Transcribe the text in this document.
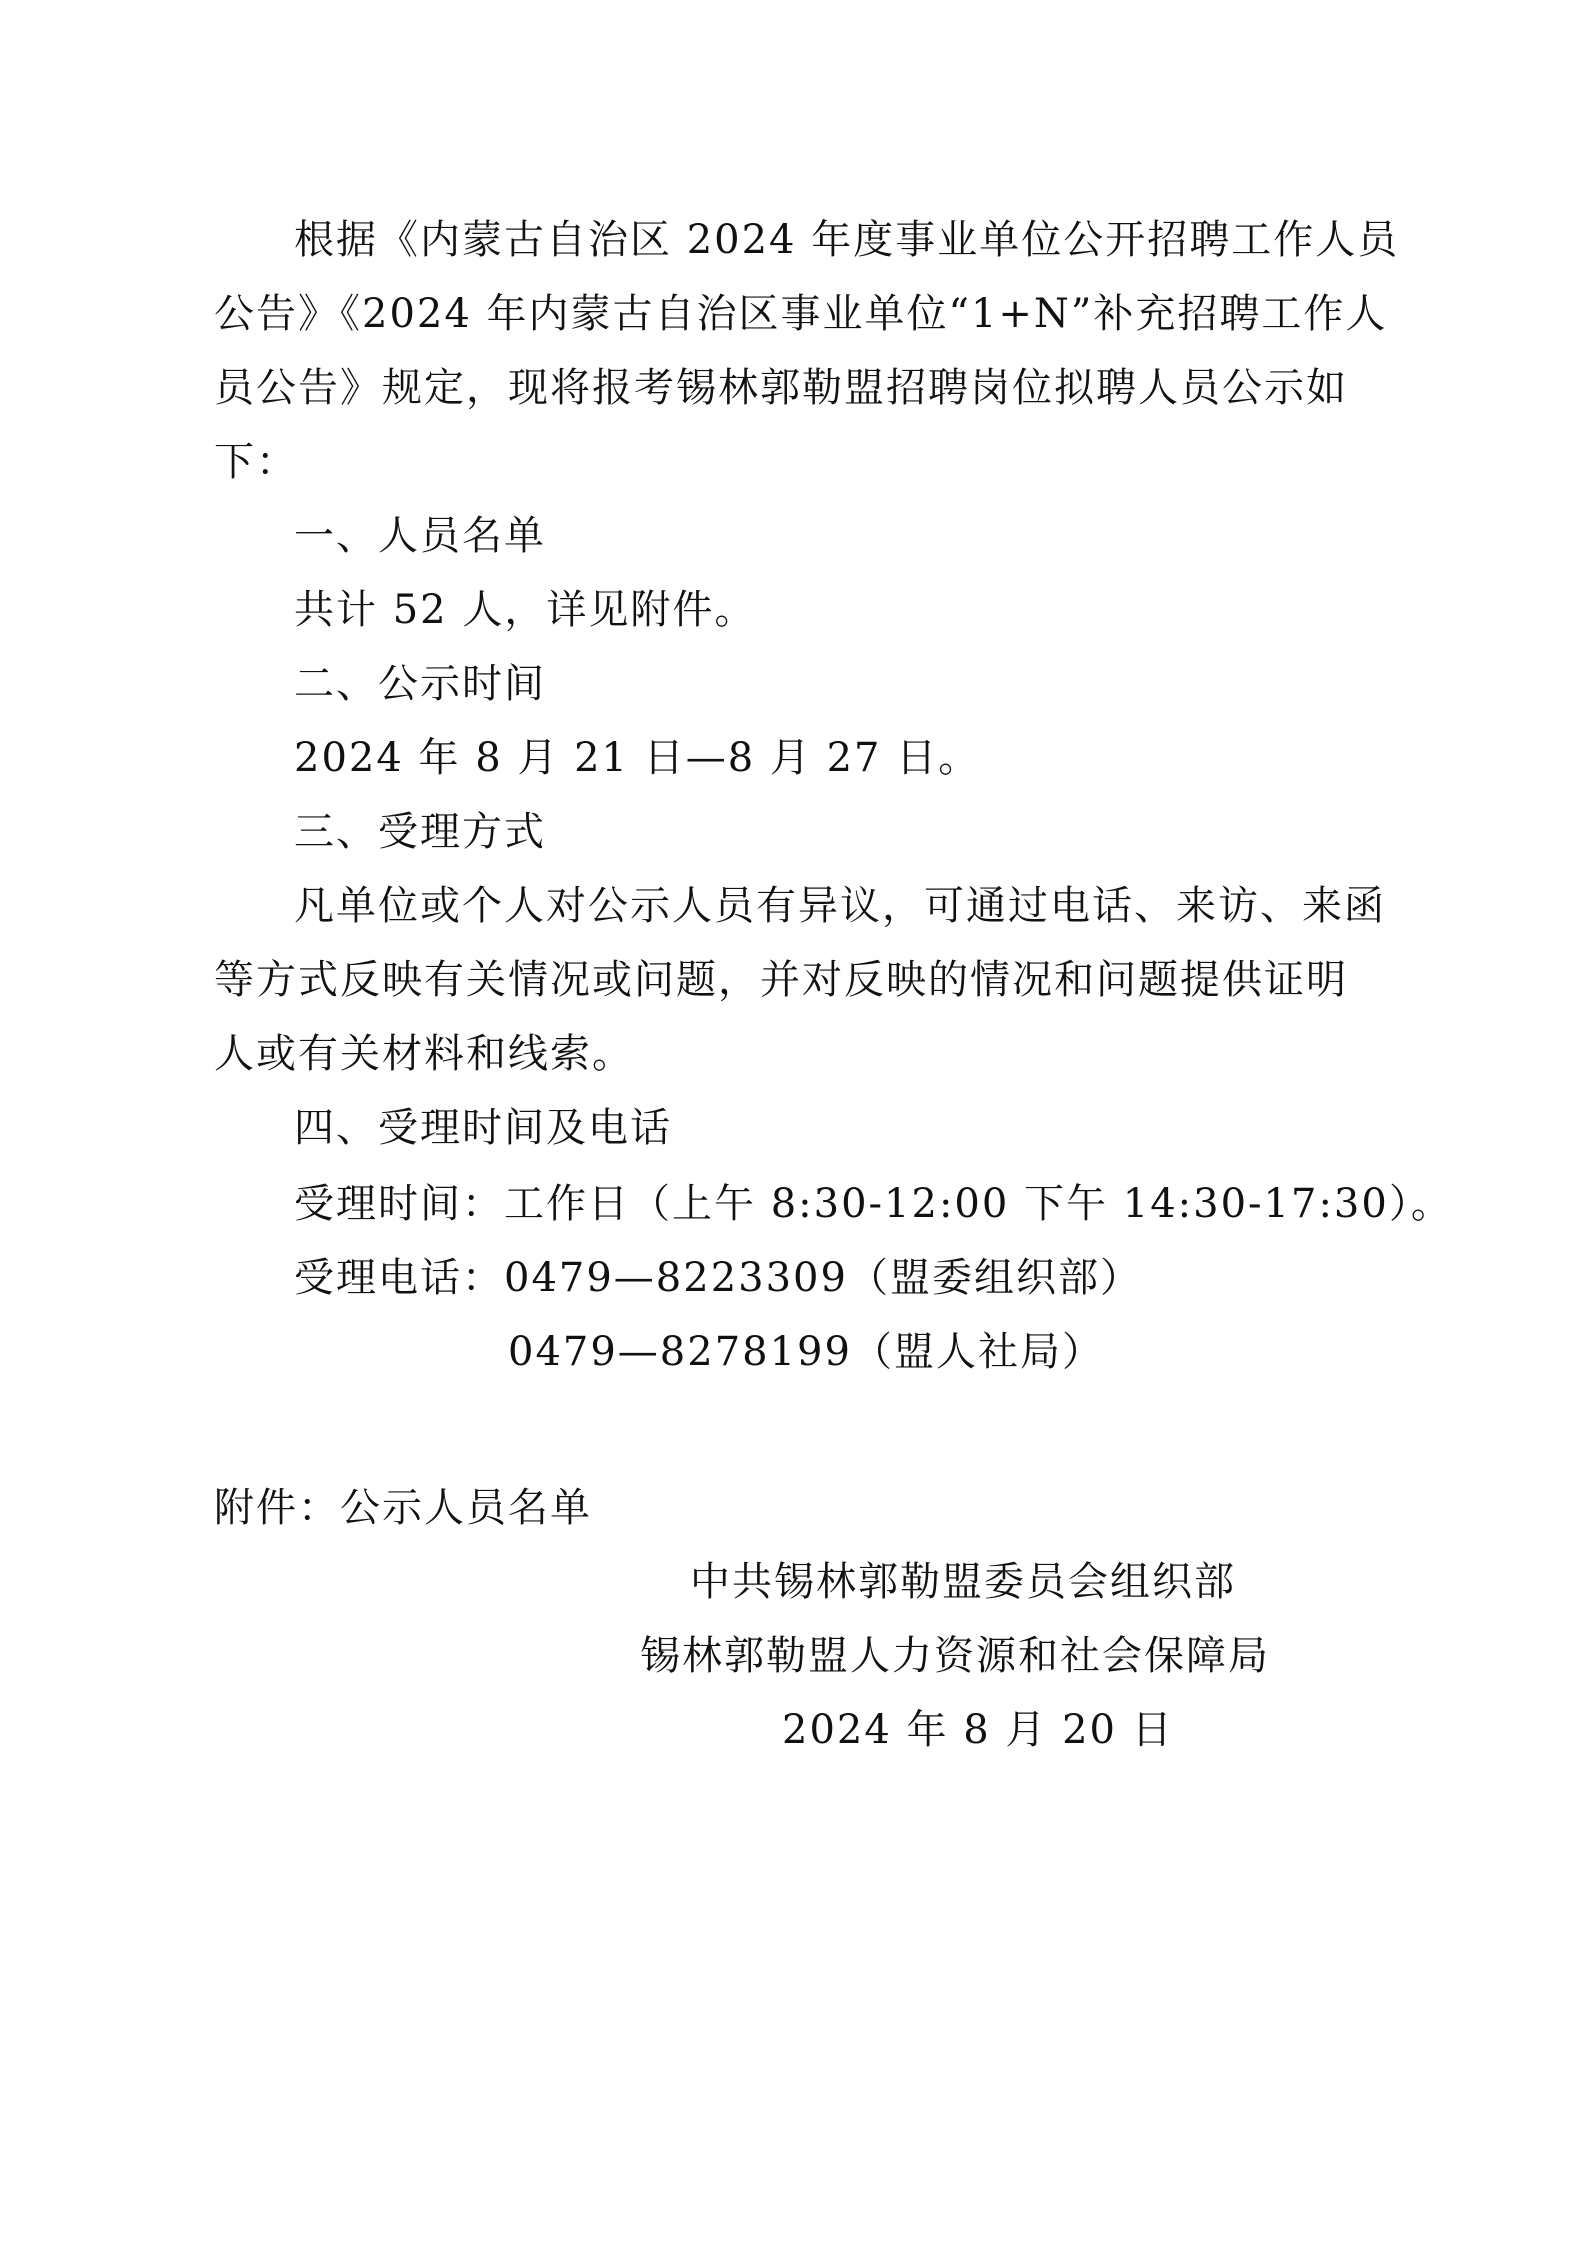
根据《内蒙古自治区 2024 年度事业单位公开招聘工作人员
公告》《2024 年内蒙古自治区事业单位“1+N”补充招聘工作人
员公告》规定，现将报考锡林郭勒盟招聘岗位拟聘人员公示如
下：
一、人员名单
共计 52 人，详见附件。
二、公示时间
2024 年 8 月 21 日—8 月 27 日。
三、受理方式
凡单位或个人对公示人员有异议，可通过电话、来访、来函
等方式反映有关情况或问题，并对反映的情况和问题提供证明
人或有关材料和线索。
四、受理时间及电话
受理时间：工作日（上午 8:30-12:00 下午 14:30-17:30）。
受理电话：0479—8223309（盟委组织部）
0479—8278199（盟人社局）
附件：公示人员名单
中共锡林郭勒盟委员会组织部
锡林郭勒盟人力资源和社会保障局
2024 年 8 月 20 日
